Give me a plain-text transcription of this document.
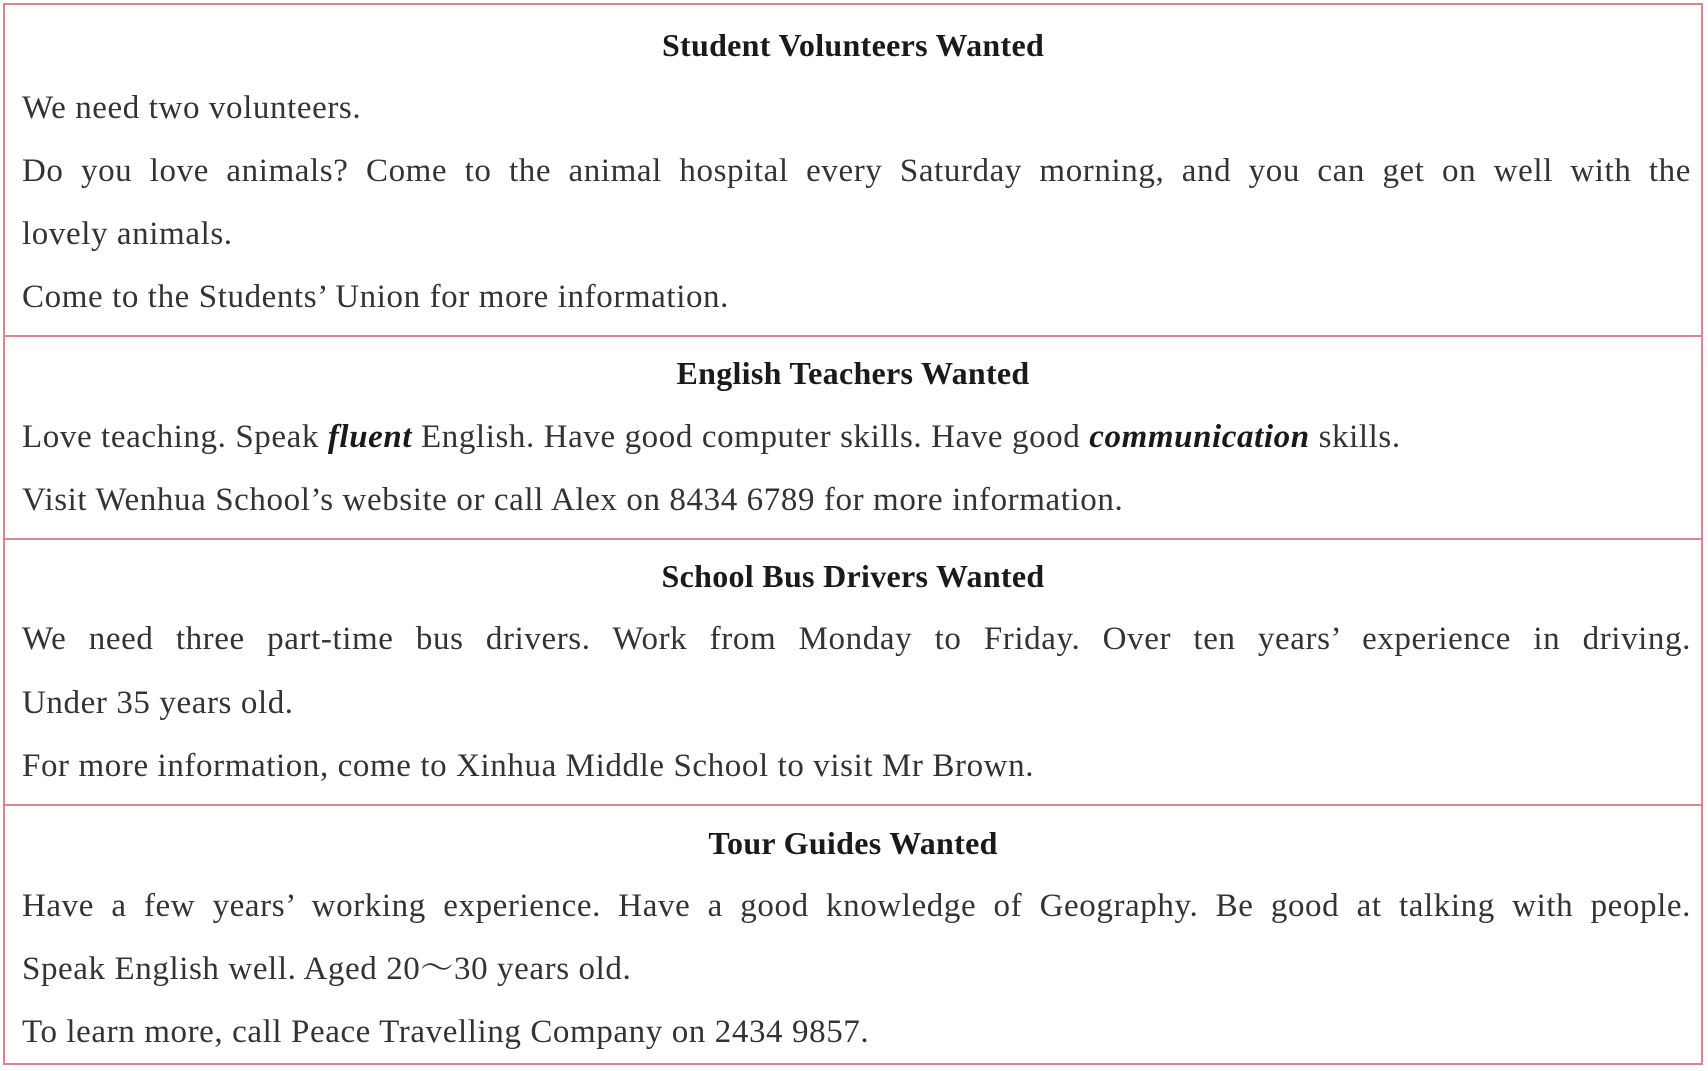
Student Volunteers Wanted
We need two volunteers.
Do you love animals? Come to the animal hospital every Saturday morning, and you can get on well with the
lovely animals.
Come to the Students’ Union for more information.
English Teachers Wanted
Love teaching. Speak fluent English. Have good computer skills. Have good communication skills.
Visit Wenhua School’s website or call Alex on 8434 6789 for more information.
School Bus Drivers Wanted
We need three part-time bus drivers. Work from Monday to Friday. Over ten years’ experience in driving.
Under 35 years old.
For more information, come to Xinhua Middle School to visit Mr Brown.
Tour Guides Wanted
Have a few years’ working experience. Have a good knowledge of Geography. Be good at talking with people.
Speak English well. Aged 20～30 years old.
To learn more, call Peace Travelling Company on 2434 9857.
